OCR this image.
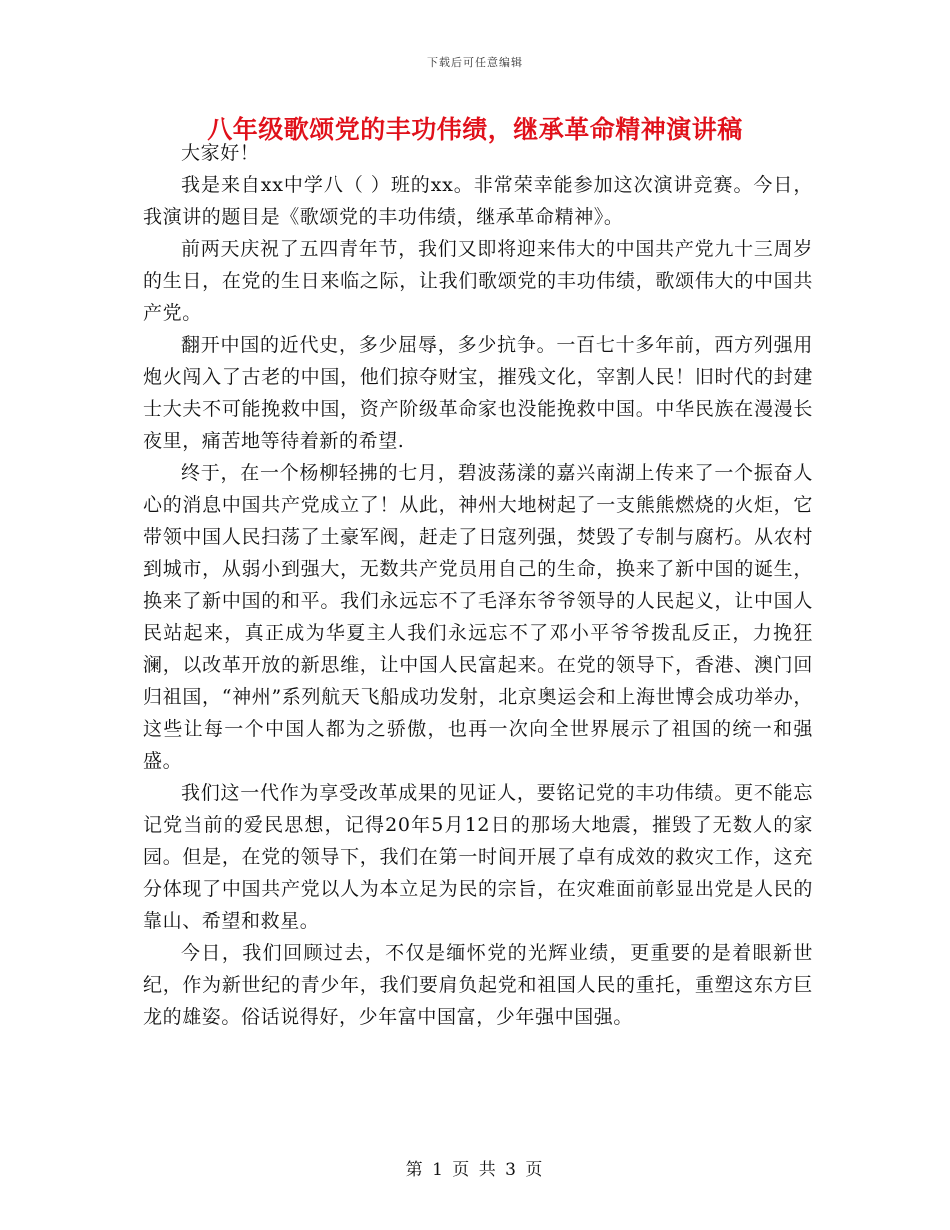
下载后可任意编辑
八年级歌颂党的丰功伟绩，继承革命精神演讲稿

大家好！

我是来自xx中学八（ ）班的xx。非常荣幸能参加这次演讲竞赛。今日，我演讲的题目是《歌颂党的丰功伟绩，继承革命精神》。

前两天庆祝了五四青年节，我们又即将迎来伟大的中国共产党九十三周岁的生日，在党的生日来临之际，让我们歌颂党的丰功伟绩，歌颂伟大的中国共产党。

翻开中国的近代史，多少屈辱，多少抗争。一百七十多年前，西方列强用炮火闯入了古老的中国，他们掠夺财宝，摧残文化，宰割人民！旧时代的封建士大夫不可能挽救中国，资产阶级革命家也没能挽救中国。中华民族在漫漫长夜里，痛苦地等待着新的希望.

终于，在一个杨柳轻拂的七月，碧波荡漾的嘉兴南湖上传来了一个振奋人心的消息中国共产党成立了！从此，神州大地树起了一支熊熊燃烧的火炬，它带领中国人民扫荡了土豪军阀，赶走了日寇列强，焚毁了专制与腐朽。从农村到城市，从弱小到强大，无数共产党员用自己的生命，换来了新中国的诞生，换来了新中国的和平。我们永远忘不了毛泽东爷爷领导的人民起义，让中国人民站起来，真正成为华夏主人我们永远忘不了邓小平爷爷拨乱反正，力挽狂澜，以改革开放的新思维，让中国人民富起来。在党的领导下，香港、澳门回归祖国，“神州”系列航天飞船成功发射，北京奥运会和上海世博会成功举办，这些让每一个中国人都为之骄傲，也再一次向全世界展示了祖国的统一和强盛。

我们这一代作为享受改革成果的见证人，要铭记党的丰功伟绩。更不能忘记党当前的爱民思想，记得20年5月12日的那场大地震，摧毁了无数人的家园。但是，在党的领导下，我们在第一时间开展了卓有成效的救灾工作，这充分体现了中国共产党以人为本立足为民的宗旨，在灾难面前彰显出党是人民的靠山、希望和救星。

今日，我们回顾过去，不仅是缅怀党的光辉业绩，更重要的是着眼新世纪，作为新世纪的青少年，我们要肩负起党和祖国人民的重托，重塑这东方巨龙的雄姿。俗话说得好，少年富中国富，少年强中国强。

第 1 页 共 3 页
